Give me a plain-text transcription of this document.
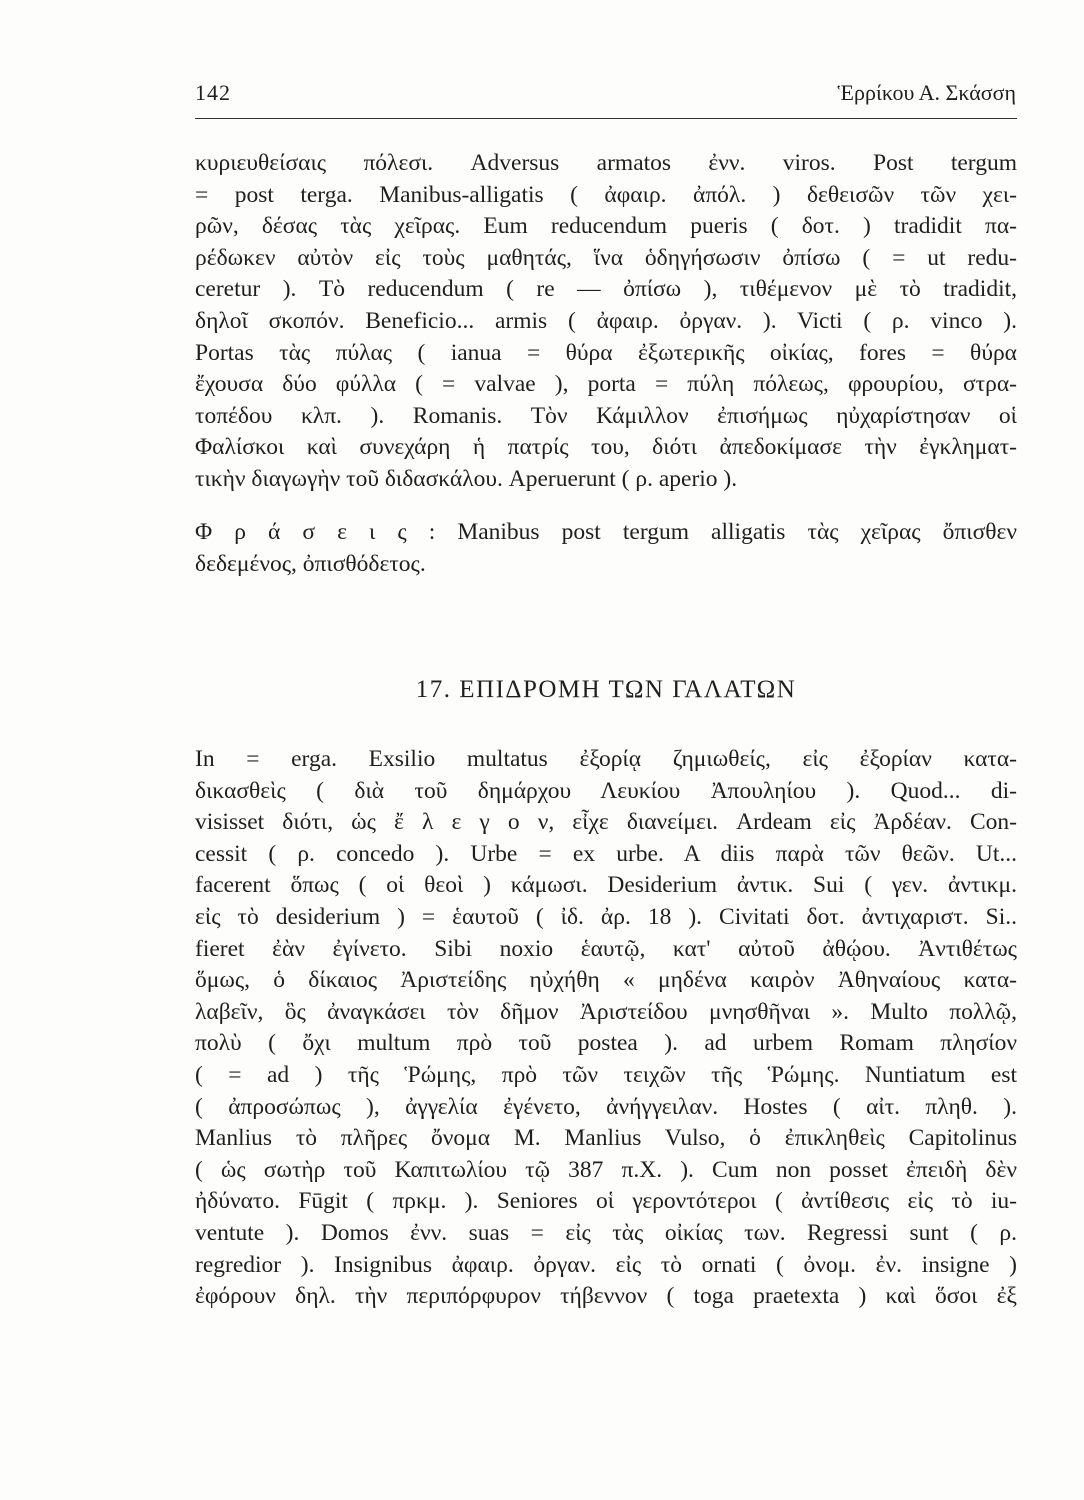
142	Ἑρρίκου Α. Σκάσση
κυριευθείσαις πόλεσι. Adversus armatos ἐνν. viros. Post tergum
= post terga. Manibus-alligatis ( ἀφαιρ. ἀπόλ. ) δεθεισῶν τῶν χει-
ρῶν, δέσας τὰς χεῖρας. Eum reducendum pueris ( δοτ. ) tradidit πα-
ρέδωκεν αὐτὸν εἰς τοὺς μαθητάς, ἵνα ὁδηγήσωσιν ὀπίσω ( = ut redu-
ceretur ). Τὸ reducendum ( re — ὀπίσω ), τιθέμενον μὲ τὸ tradidit,
δηλοῖ σκοπόν. Beneficio... armis ( ἀφαιρ. ὀργαν. ). Victi ( ρ. vinco ).
Portas τὰς πύλας ( ianua = θύρα ἐξωτερικῆς οἰκίας, fores = θύρα
ἔχουσα δύο φύλλα ( = valvae ), porta = πύλη πόλεως, φρουρίου, στρα-
τοπέδου κλπ. ). Romanis. Τὸν Κάμιλλον ἐπισήμως ηὐχαρίστησαν οἱ
Φαλίσκοι καὶ συνεχάρη ἡ πατρίς του, διότι ἀπεδοκίμασε τὴν ἐγκληματ-
τικὴν διαγωγὴν τοῦ διδασκάλου. Aperuerunt ( ρ. aperio ).
Φ ρ ά σ ε ι ς : Manibus post tergum alligatis τὰς χεῖρας ὄπισθεν
δεδεμένος, ὀπισθόδετος.
17. ΕΠΙΔΡΟΜΗ ΤΩΝ ΓΑΛΑΤΩΝ
In = erga. Exsilio multatus ἐξορίᾳ ζημιωθείς, εἰς ἐξορίαν κατα-
δικασθεὶς ( διὰ τοῦ δημάρχου Λευκίου Ἀπουληίου ). Quod... di-
visisset διότι, ὡς ἔ λ ε γ ο ν, εἶχε διανείμει. Ardeam εἰς Ἀρδέαν. Con-
cessit ( ρ. concedo ). Urbe = ex urbe. A diis παρὰ τῶν θεῶν. Ut...
facerent ὅπως ( οἱ θεοὶ ) κάμωσι. Desiderium ἀντικ. Sui ( γεν. ἀντικμ.
εἰς τὸ desiderium ) = ἑαυτοῦ ( ἰδ. ἀρ. 18 ). Civitati δοτ. ἀντιχαριστ. Si..
fieret ἐὰν ἐγίνετο. Sibi noxio ἑαυτῷ, κατ' αὐτοῦ ἀθῴου. Ἀντιθέτως
ὅμως, ὁ δίκαιος Ἀριστείδης ηὐχήθη « μηδένα καιρὸν Ἀθηναίους κατα-
λαβεῖν, ὃς ἀναγκάσει τὸν δῆμον Ἀριστείδου μνησθῆναι ». Multo πολλῷ,
πολὺ ( ὄχι multum πρὸ τοῦ postea ). ad urbem Romam πλησίον
( = ad ) τῆς Ῥώμης, πρὸ τῶν τειχῶν τῆς Ῥώμης. Nuntiatum est
( ἀπροσώπως ), ἀγγελία ἐγένετο, ἀνήγγειλαν. Hostes ( αἰτ. πληθ. ).
Manlius τὸ πλῆρες ὄνομα M. Manlius Vulso, ὁ ἐπικληθεὶς Capitolinus
( ὡς σωτὴρ τοῦ Καπιτωλίου τῷ 387 π.Χ. ). Cum non posset ἐπειδὴ δὲν
ἠδύνατο. Fūgit ( πρκμ. ). Seniores οἱ γεροντότεροι ( ἀντίθεσις εἰς τὸ iu-
ventute ). Domos ἐνν. suas = εἰς τὰς οἰκίας των. Regressi sunt ( ρ.
regredior ). Insignibus ἀφαιρ. ὀργαν. εἰς τὸ ornati ( ὀνομ. ἐν. insigne )
ἐφόρουν δηλ. τὴν περιπόρφυρον τήβεννον ( toga praetexta ) καὶ ὅσοι ἐξ
